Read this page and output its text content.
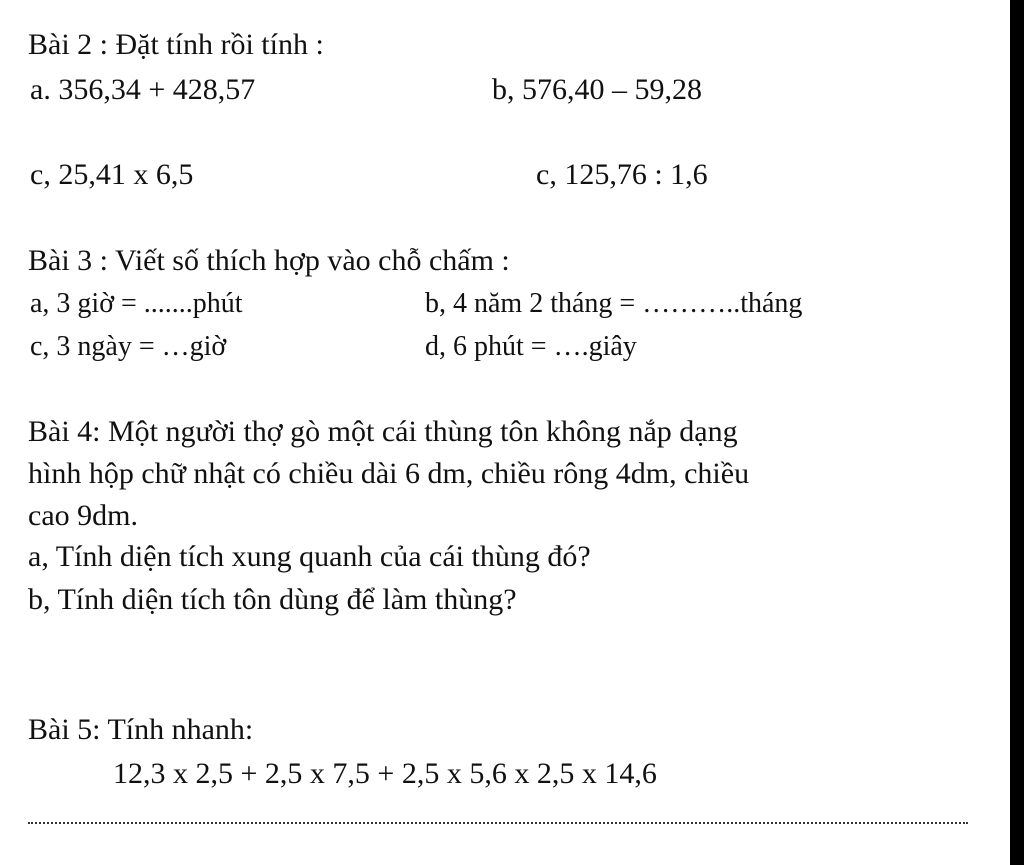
Bài 2 : Đặt tính rồi tính :
a. 356,34 + 428,57	b, 576,40 – 59,28
c, 25,41 x 6,5	c, 125,76 : 1,6
Bài 3 : Viết số thích hợp vào chỗ chấm :
a, 3 giờ = .......phút	b, 4 năm 2 tháng = ………..tháng
c, 3 ngày = …giờ	d, 6 phút = ….giây
Bài 4: Một người thợ gò một cái thùng tôn không nắp dạng
hình hộp chữ nhật có chiều dài 6 dm, chiều rông 4dm, chiều
cao 9dm.
a, Tính diện tích xung quanh của cái thùng đó?
b, Tính diện tích tôn dùng để làm thùng?
Bài 5: Tính nhanh:
12,3 x 2,5 + 2,5 x 7,5 + 2,5 x 5,6 x 2,5 x 14,6
